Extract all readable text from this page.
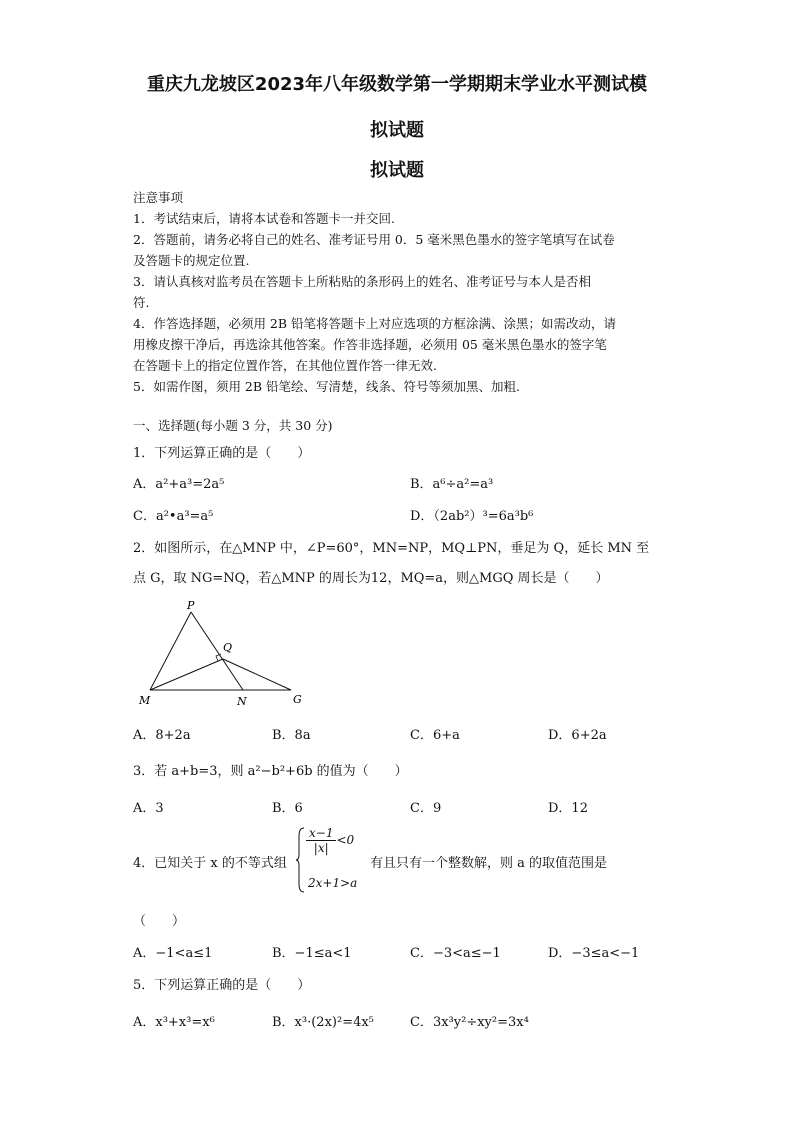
重庆九龙坡区2023年八年级数学第一学期期末学业水平测试模
拟试题
拟试题
注意事项
1．考试结束后，请将本试卷和答题卡一并交回.
2．答题前，请务必将自己的姓名、准考证号用 0．5 毫米黑色墨水的签字笔填写在试卷
及答题卡的规定位置.
3．请认真核对监考员在答题卡上所粘贴的条形码上的姓名、准考证号与本人是否相
符.
4．作答选择题，必须用 2B 铅笔将答题卡上对应选项的方框涂满、涂黑；如需改动，请
用橡皮擦干净后，再选涂其他答案。作答非选择题，必须用 05 毫米黑色墨水的签字笔
在答题卡上的指定位置作答，在其他位置作答一律无效.
5．如需作图，须用 2B 铅笔绘、写清楚，线条、符号等须加黑、加粗.
一、选择题(每小题 3 分，共 30 分)
1．下列运算正确的是（　　）
A．a²+a³=2a⁵	B．a⁶÷a²=a³
C．a²•a³=a⁵	D．（2ab²）³=6a³b⁶
2．如图所示，在△MNP 中，∠P=60°，MN=NP，MQ⊥PN，垂足为 Q，延长 MN 至
点 G，取 NG=NQ，若△MNP 的周长为12，MQ=a，则△MGQ 周长是（　　）
P
Q
M	N	G
A．8+2a	B．8a	C．6+a	D．6+2a
3．若 a+b=3，则 a²−b²+6b 的值为（　　）
A．3	B．6	C．9	D．12
4．已知关于 x 的不等式组
$\frac{x-1}{|x|} <0$
2x+1>a
有且只有一个整数解，则 a 的取值范围是
（　　）
A．−1<a≤1	B．−1≤a<1	C．−3<a≤−1	D．−3≤a<−1
5．下列运算正确的是（　　）
A．x³+x³=x⁶	B．x³·(2x)²=4x⁵	C．3x³y²÷xy²=3x⁴
